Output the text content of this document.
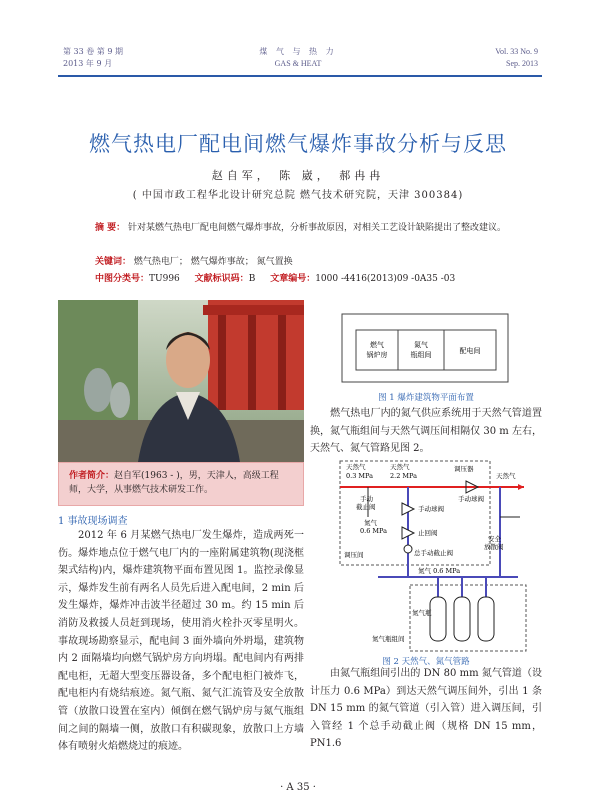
第 33 卷 第 9 期
2013 年 9 月
煤 气 与 热 力
GAS & HEAT
Vol. 33 No. 9
Sep. 2013
燃气热电厂配电间燃气爆炸事故分析与反思
赵自军， 陈 崴， 郝冉冉
( 中国市政工程华北设计研究总院 燃气技术研究院，天津 300384)
摘 要： 针对某燃气热电厂配电间燃气爆炸事故，分析事故原因，对相关工艺设计缺陷提出了整改建议。
关键词： 燃气热电厂； 燃气爆炸事故； 氮气置换
中图分类号：TU996 文献标识码：B 文章编号：1000 -4416(2013)09 -0A35 -03
作者简介：赵自军(1963 - )，男，天津人，高级工程师，大学，从事燃气技术研发工作。
1 事故现场调查
2012 年 6 月某燃气热电厂发生爆炸，造成两死一伤。爆炸地点位于燃气电厂内的一座附属建筑物(现浇框架式结构)内，爆炸建筑物平面布置见图 1。监控录像显示，爆炸发生前有两名人员先后进入配电间，2 min 后发生爆炸，爆炸冲击波半径超过 30 m。约 15 min 后消防及救援人员赶到现场，使用消火栓扑灭零星明火。事故现场勘察显示，配电间 3 面外墙向外坍塌，建筑物内 2 面隔墙均向燃气锅炉房方向坍塌。配电间内有两排配电柜，无超大型变压器设备，多个配电柜门被炸飞，配电柜内有烧结痕迹。氮气瓶、氮气汇流管及安全放散管（放散口设置在室内）倾倒在燃气锅炉房与氮气瓶组间之间的隔墙一侧，放散口有积碳现象，放散口上方墙体有喷射火焰燃烧过的痕迹。
燃气
锅炉房
氮气
瓶组间	配电间
图 1 爆炸建筑物平面布置
燃气热电厂内的氮气供应系统用于天然气管道置换，氮气瓶组间与天然气调压间相隔仅 30 m 左右，天然气、氮气管路见图 2。
天然气
0.3 MPa
天然气
2.2 MPa
调压器
天然气
手动
截止阀	手动球阀
手动球阀
氮气
0.6 MPa	止回阀
安全
放散阀
调压间	总手动截止阀
氮气 0.6 MPa
氮气瓶
氮气瓶组间
图 2 天然气、氮气管路
由氮气瓶组间引出的 DN 80 mm 氮气管道（设计压力 0.6 MPa）到达天然气调压间外，引出 1 条 DN 15 mm 的氮气管道（引入管）进入调压间，引入管经 1 个总手动截止阀（规格 DN 15 mm，PN1.6
· A 35 ·
